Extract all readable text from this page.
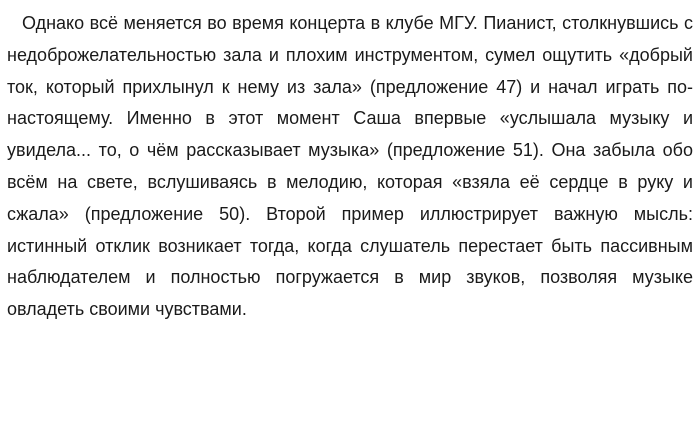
Однако всё меняется во время концерта в клубе МГУ. Пианист, столкнувшись с недоброжелательностью зала и плохим инструментом, сумел ощутить «добрый ток, который прихлынул к нему из зала» (предложение 47) и начал играть по-настоящему. Именно в этот момент Саша впервые «услышала музыку и увидела... то, о чём рассказывает музыка» (предложение 51). Она забыла обо всём на свете, вслушиваясь в мелодию, которая «взяла её сердце в руку и сжала» (предложение 50). Второй пример иллюстрирует важную мысль: истинный отклик возникает тогда, когда слушатель перестает быть пассивным наблюдателем и полностью погружается в мир звуков, позволяя музыке овладеть своими чувствами.
